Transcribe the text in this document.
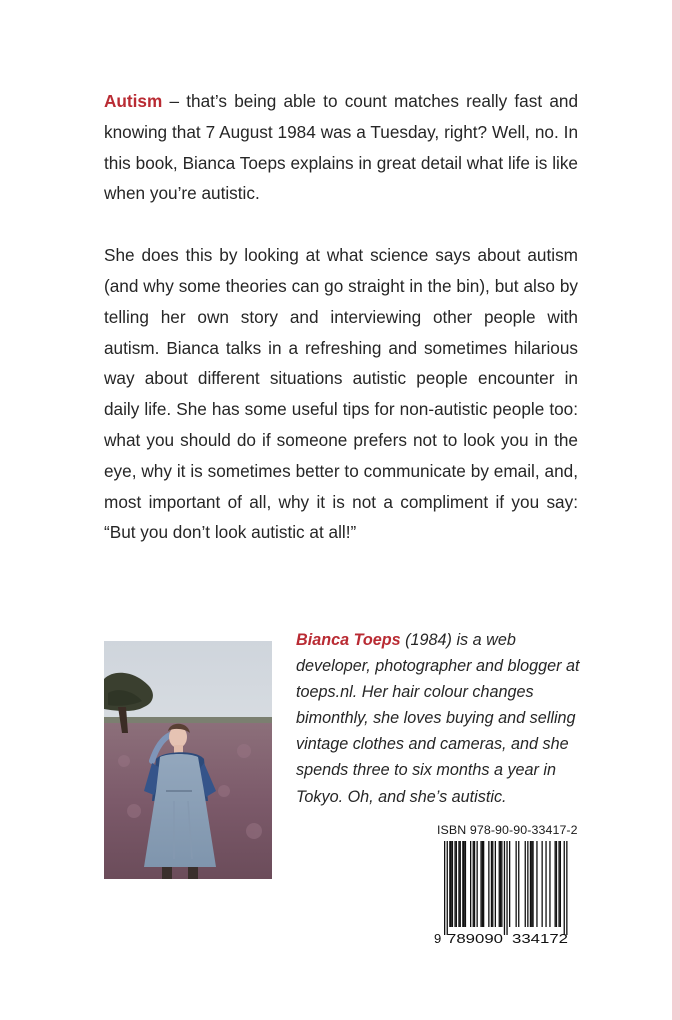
Autism – that’s being able to count matches really fast and knowing that 7 August 1984 was a Tuesday, right? Well, no. In this book, Bianca Toeps explains in great detail what life is like when you’re autistic.

She does this by looking at what science says about autism (and why some theories can go straight in the bin), but also by telling her own story and interviewing other people with autism. Bianca talks in a refreshing and sometimes hilarious way about different situations autistic people encounter in daily life. She has some useful tips for non-autistic people too: what you should do if someone prefers not to look you in the eye, why it is sometimes better to communicate by email, and, most important of all, why it is not a compliment if you say: “But you don’t look autistic at all!”

Bianca Toeps (1984) is a web developer, photographer and blogger at toeps.nl. Her hair colour changes bimonthly, she loves buying and selling vintage clothes and cameras, and she spends three to six months a year in Tokyo. Oh, and she’s autistic.
ISBN 978-90-90-33417-2
9 789090 334172
